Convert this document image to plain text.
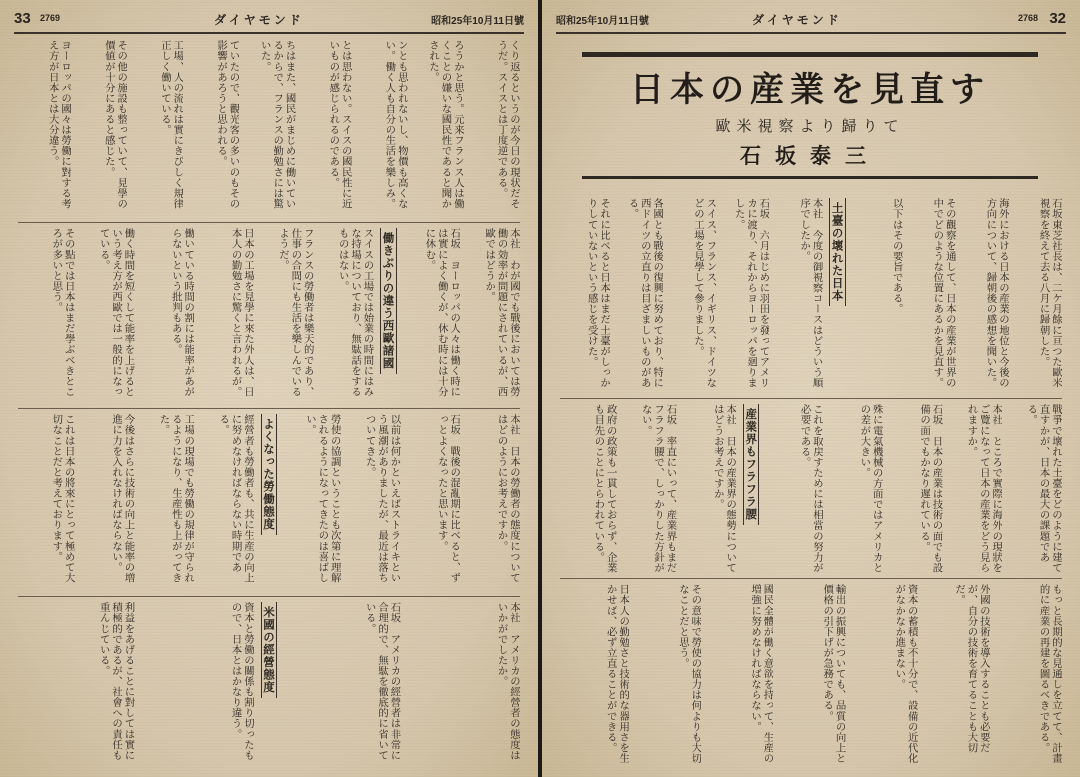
33 2769	ダイヤモンド	昭和25年10月11日號
くり返るというのが今日の現状だそうだ。スイスとは丁度逆である。
ろうかと思う。元来フランス人は働くことの嫌いな國民性であると聞かされた。
ンとも思われないし、物價も高くない。働く人も自分の生活を樂しみ。
とは思わない。スイスの國民性に近いものが感じられるのである。
ちはまた、國民がまじめに働いているからで、フランスの勤勉さには驚いた。
ていたので、觀光客の多いのもその影響があろうと思われる。
工場、人の流れは實にきびしく規律正しく働いている。
その他の施設も整っていて、見學の價値が十分にあると感じた。
ヨーロッパの國々は勞働に對する考え方が日本とは大分違う。
本社　わが國でも戰後においては勞働の効率が問題にされているが、西歐ではどうか。
石坂　ヨーロッパの人々は働く時には實によく働くが、休む時には十分に休む。
働きぶりの違う西歐諸國
スイスの工場では始業の時間にはみな持場についており、無駄話をするものはない。
フランスの勞働者は樂天的であり、仕事の合間にも生活を樂しんでいるようだ。
日本の工場を見學に來た外人は、日本人の勤勉さに驚くと言われるが。
働いている時間の割には能率があがらないという批判もある。
働く時間を短くして能率を上げるという考え方が西歐では一般的になっている。
その點では日本はまだ學ぶべきところが多いと思う。
本社　日本の勞働者の態度についてはどのようにお考えですか。
石坂　戰後の混亂期に比べると、ずっとよくなったと思います。
以前は何かといえばストライキという風潮がありましたが、最近は落ちついてきた。
勞使の協調ということも次第に理解されるようになってきたのは喜ばしい。
よくなった勞働態度
經營者も勞働者も、共に生産の向上に努めなければならない時期である。
工場の現場でも勞働の規律が守られるようになり、生産性も上がってきた。
今後はさらに技術の向上と能率の増進に力を入れなければならない。
これは日本の將來にとって極めて大切なことだと考えております。
本社　アメリカの經營者の態度はいかがでしたか。
石坂　アメリカの經營者は非常に合理的で、無駄を徹底的に省いている。
米國の經營態度
資本と勞働の關係も割り切ったもので、日本とはかなり違う。
利益をあげることに對しては實に積極的であるが、社會への責任も重んじている。
昭和25年10月11日號	ダイヤモンド	2768 32
日本の産業を見直す
歐米視察より歸りて
石坂泰三
石坂東芝社長は、二ケ月餘に亘つた歐米視察を終えて去る八月に歸朝した。
海外における日本の産業の地位と今後の方向について、歸朝後の感想を聞いた。
その觀察を通して、日本の産業が世界の中でどのような位置にあるかを見直す。
以下はその要旨である。
土臺の壞れた日本
本社　今度の御視察コースはどういう順序でしたか。
石坂　六月はじめに羽田を發ってアメリカに渡り、それからヨーロッパを廻りました。
スイス、フランス、イギリス、ドイツなどの工場を見學して參りました。
各國とも戰後の復興に努めており、特に西ドイツの立直りは目ざましいものがある。
それに比べると日本はまだ土臺がしっかりしていないという感じを受けた。
戰爭で壞れた土臺をどのように建て直すかが、日本の最大の課題である。
本社　ところで實際に海外の現狀をご覽になって日本の産業をどう見られますか。
石坂　日本の産業は技術の面でも設備の面でもかなり遲れている。
殊に電氣機械の方面ではアメリカとの差が大きい。
これを取戻すためには相當の努力が必要である。
産業界もフラフラ腰
本社　日本の産業界の態勢についてはどうお考えですか。
石坂　率直にいって、産業界もまだフラフラ腰で、しっかりした方針がない。
政府の政策も一貫しておらず、企業も目先のことにとらわれている。
もっと長期的な見通しを立てて、計畫的に産業の再建を圖るべきである。
外國の技術を導入することも必要だが、自分の技術を育てることも大切だ。
資本の蓄積も不十分で、設備の近代化がなかなか進まない。
輸出の振興についても、品質の向上と價格の引下げが急務である。
國民全體が働く意欲を持って、生産の増強に努めなければならない。
その意味で勞使の協力は何よりも大切なことだと思う。
日本人の勤勉さと技術的な器用さを生かせば、必ず立直ることができる。
